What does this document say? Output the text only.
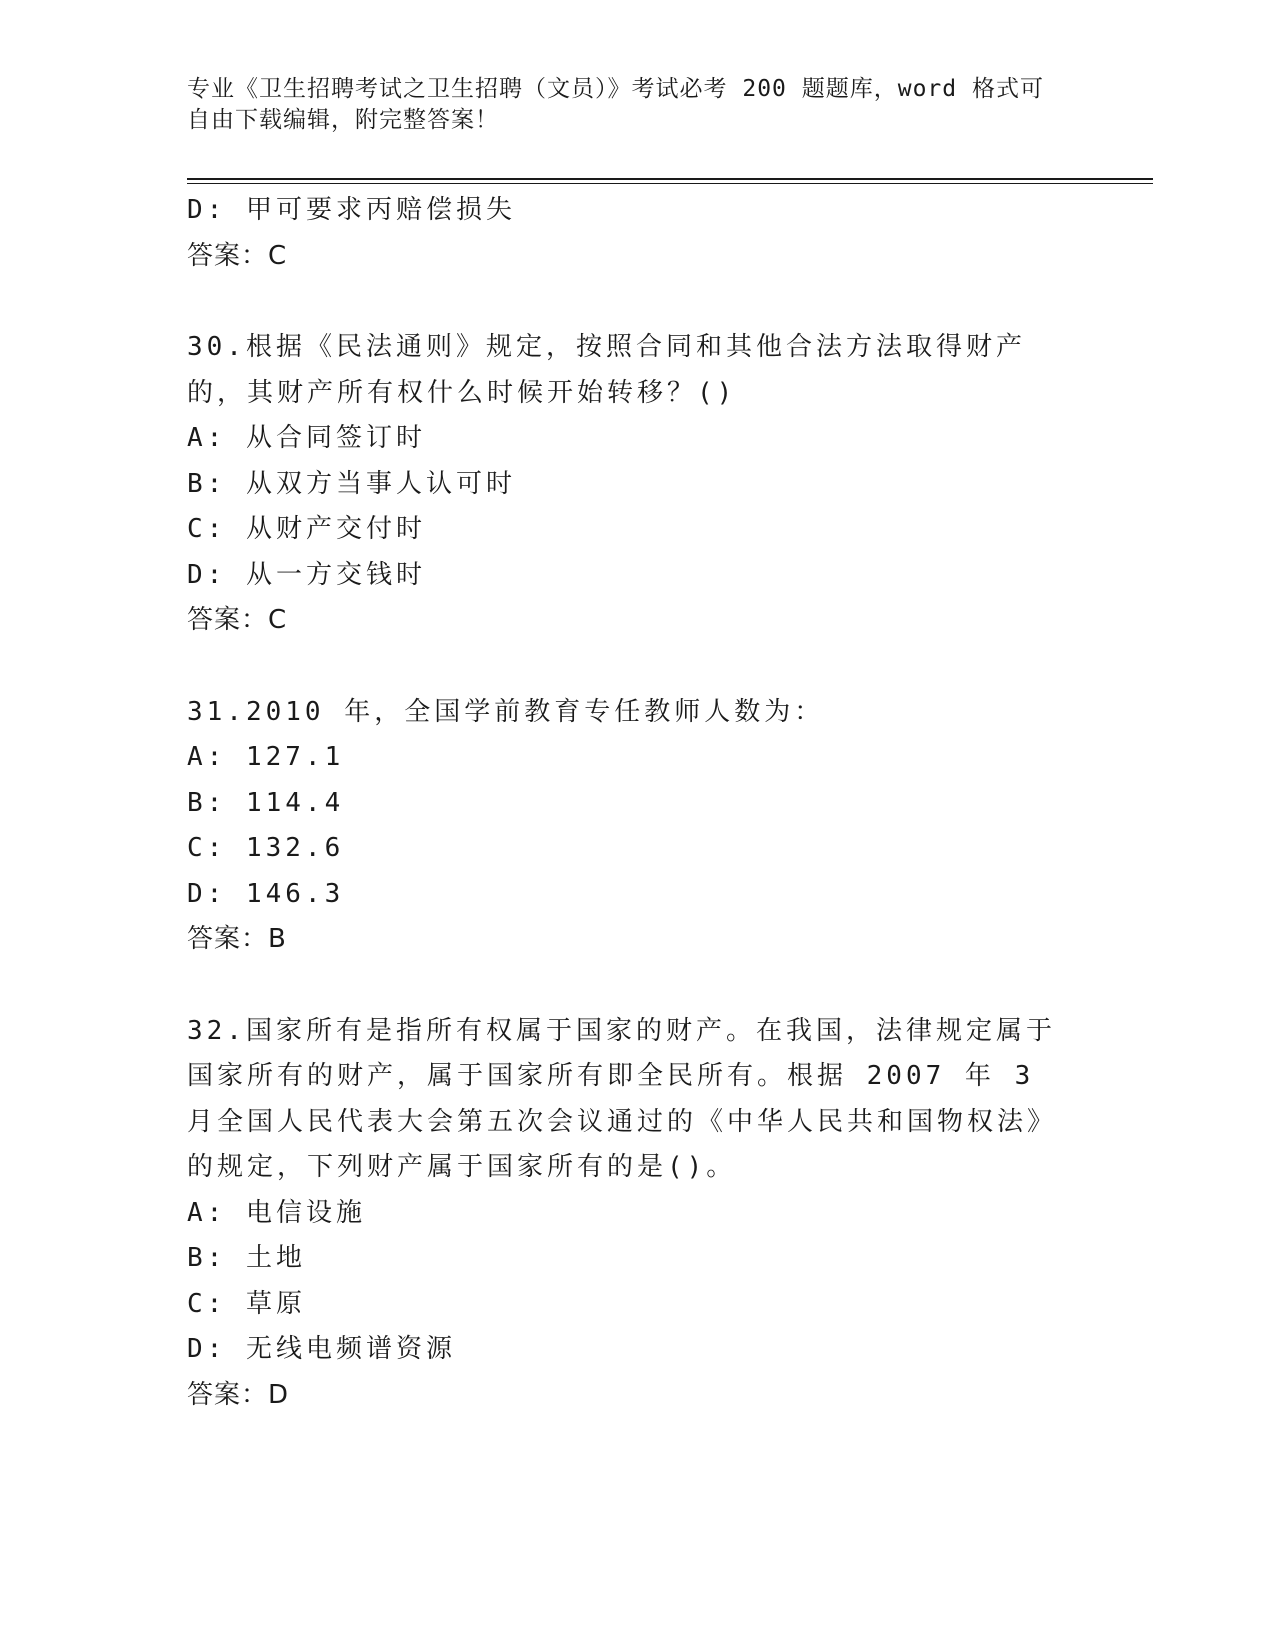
专业《卫生招聘考试之卫生招聘（文员）》考试必考 200 题题库，word 格式可自由下载编辑，附完整答案！
D: 甲可要求丙赔偿损失
答案：C
30.根据《民法通则》规定，按照合同和其他合法方法取得财产的，其财产所有权什么时候开始转移？()
A: 从合同签订时
B: 从双方当事人认可时
C: 从财产交付时
D: 从一方交钱时
答案：C
31.2010 年，全国学前教育专任教师人数为：
A: 127.1
B: 114.4
C: 132.6
D: 146.3
答案：B
32.国家所有是指所有权属于国家的财产。在我国，法律规定属于国家所有的财产，属于国家所有即全民所有。根据 2007 年 3 月全国人民代表大会第五次会议通过的《中华人民共和国物权法》的规定，下列财产属于国家所有的是()。
A: 电信设施
B: 土地
C: 草原
D: 无线电频谱资源
答案：D
